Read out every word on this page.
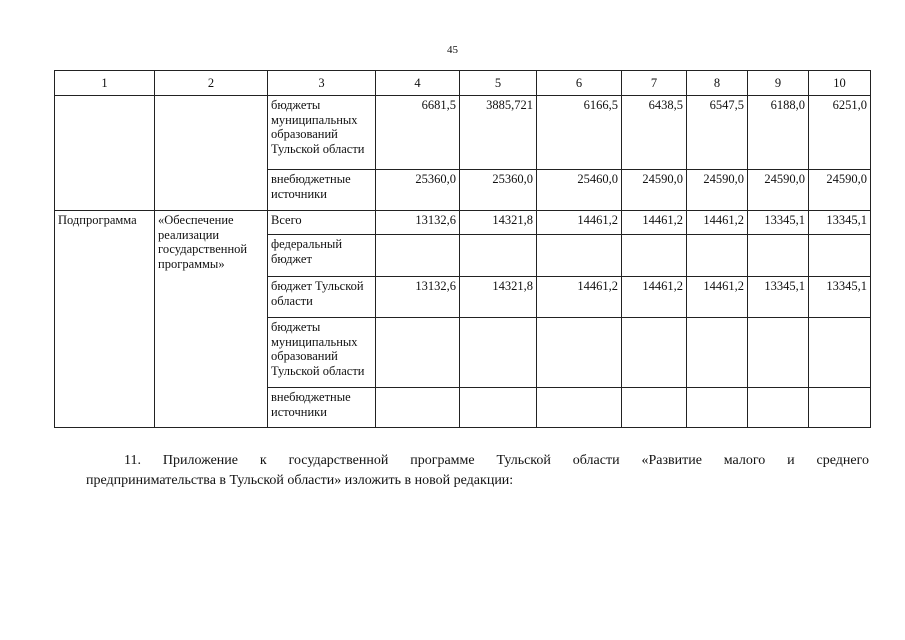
45
1	2	3	4	5	6	7	8	9	10
		бюджеты муниципальных образований Тульской области	6681,5	3885,721	6166,5	6438,5	6547,5	6188,0	6251,0
		внебюджетные источники	25360,0	25360,0	25460,0	24590,0	24590,0	24590,0	24590,0
Подпрограмма	«Обеспечение реализации государственной программы»	Всего	13132,6	14321,8	14461,2	14461,2	14461,2	13345,1	13345,1
		федеральный бюджет							
		бюджет Тульской области	13132,6	14321,8	14461,2	14461,2	14461,2	13345,1	13345,1
		бюджеты муниципальных образований Тульской области							
		внебюджетные источники							
11. Приложение к государственной программе Тульской области «Развитие малого и среднего
предпринимательства в Тульской области» изложить в новой редакции:
